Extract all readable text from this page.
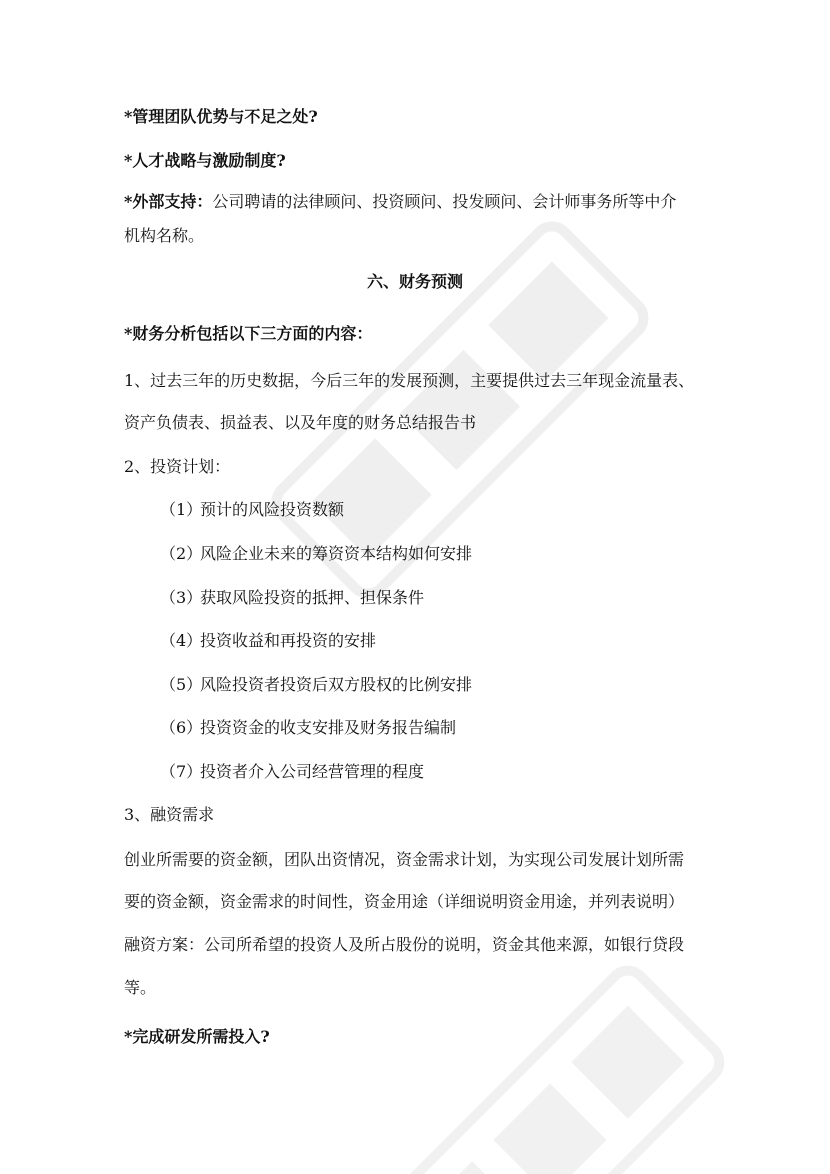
*管理团队优势与不足之处?
*人才战略与激励制度?
*外部支持：公司聘请的法律顾问、投资顾问、投发顾问、会计师事务所等中介
机构名称。
六、财务预测
*财务分析包括以下三方面的内容：
1、过去三年的历史数据，今后三年的发展预测，主要提供过去三年现金流量表、
资产负债表、损益表、以及年度的财务总结报告书
2、投资计划：
（1）预计的风险投资数额
（2）风险企业未来的筹资资本结构如何安排
（3）获取风险投资的抵押、担保条件
（4）投资收益和再投资的安排
（5）风险投资者投资后双方股权的比例安排
（6）投资资金的收支安排及财务报告编制
（7）投资者介入公司经营管理的程度
3、融资需求
创业所需要的资金额，团队出资情况，资金需求计划，为实现公司发展计划所需
要的资金额，资金需求的时间性，资金用途（详细说明资金用途，并列表说明）
融资方案：公司所希望的投资人及所占股份的说明，资金其他来源，如银行贷段
等。
*完成研发所需投入?
